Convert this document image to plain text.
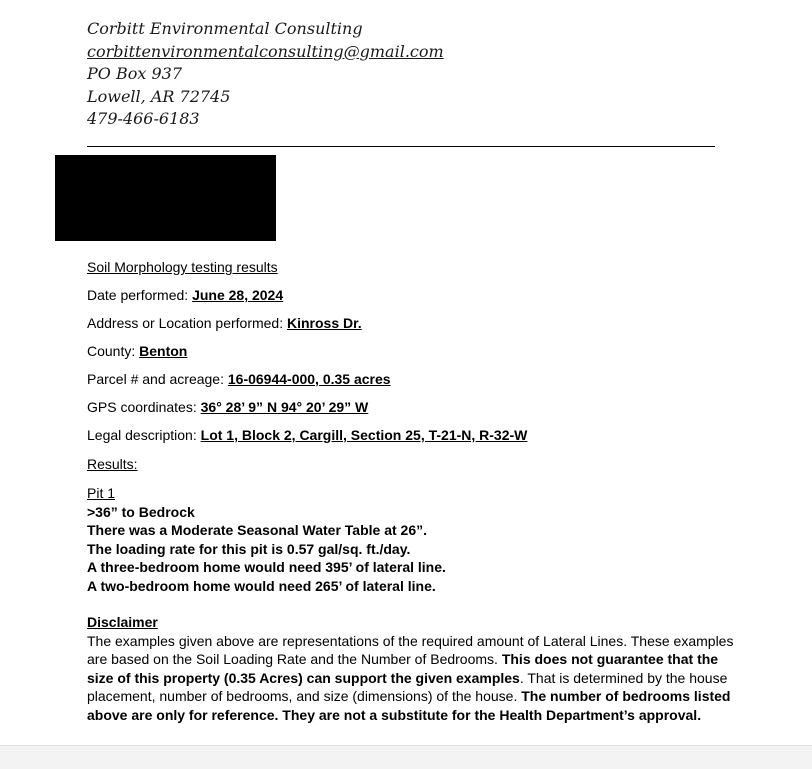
Corbitt Environmental Consulting
corbittenvironmentalconsulting@gmail.com
PO Box 937
Lowell, AR 72745
479-466-6183
Soil Morphology testing results
Date performed: June 28, 2024
Address or Location performed: Kinross Dr.
County: Benton
Parcel # and acreage: 16-06944-000, 0.35 acres
GPS coordinates: 36° 28’ 9” N 94° 20’ 29” W
Legal description: Lot 1, Block 2, Cargill, Section 25, T-21-N, R-32-W
Results:
Pit 1
>36” to Bedrock
There was a Moderate Seasonal Water Table at 26”.
The loading rate for this pit is 0.57 gal/sq. ft./day.
A three-bedroom home would need 395’ of lateral line.
A two-bedroom home would need 265’ of lateral line.

Disclaimer

The examples given above are representations of the required amount of Lateral Lines. These examples are based on the Soil Loading Rate and the Number of Bedrooms. This does not guarantee that the size of this property (0.35 Acres) can support the given examples. That is determined by the house placement, number of bedrooms, and size (dimensions) of the house. The number of bedrooms listed above are only for reference. They are not a substitute for the Health Department’s approval.
